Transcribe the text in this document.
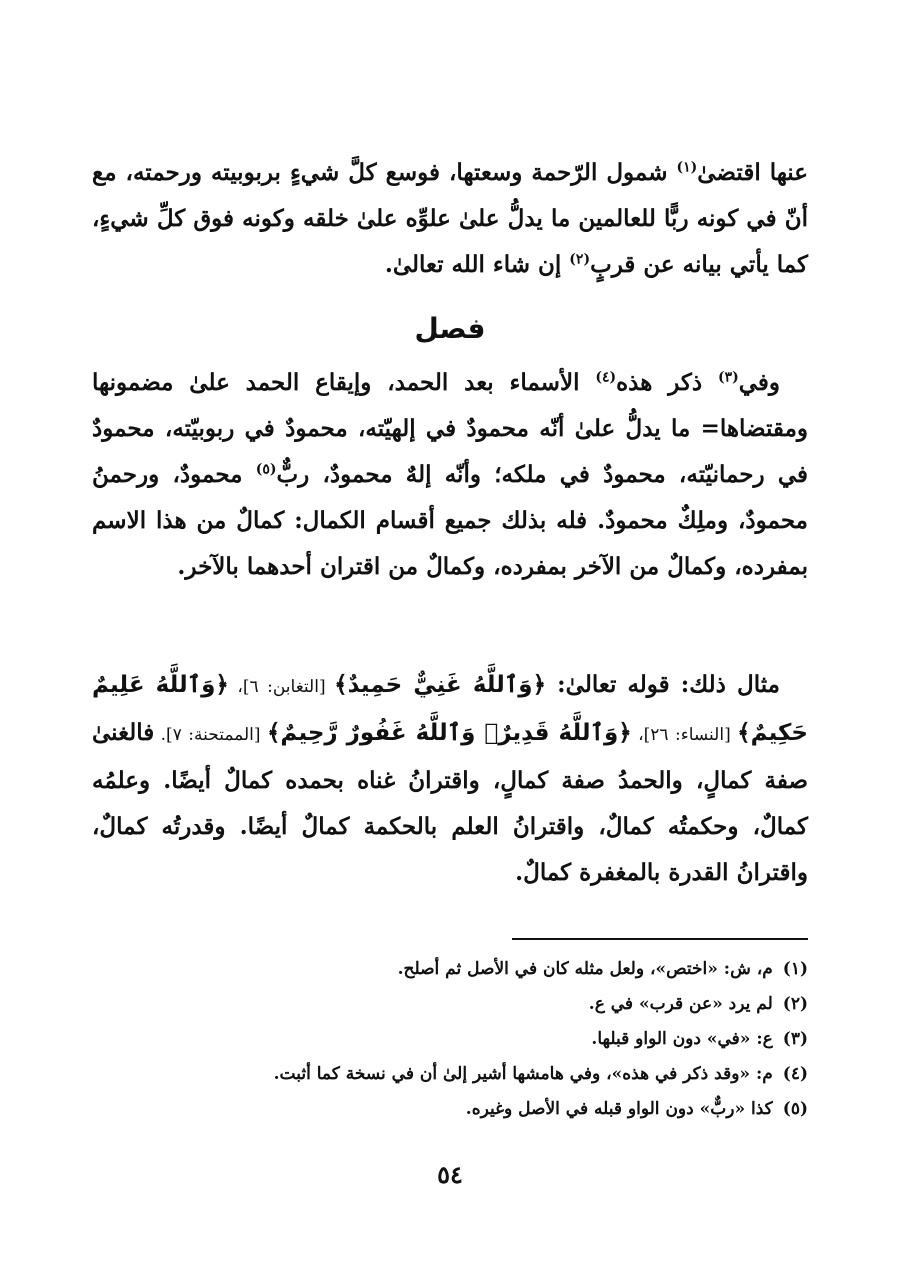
عنها اقتضىٰ$^{(١)}$ شمول الرّحمة وسعتها، فوسع كلَّ شيءٍ بربوبيته ورحمته، مع أنّ في كونه ربًّا للعالمين ما يدلُّ علىٰ علوِّه علىٰ خلقه وكونه فوق كلِّ شيءٍ، كما يأتي بيانه عن قربٍ$^{(٢)}$ إن شاء الله تعالىٰ.

فصل

وفي$^{(٣)}$ ذكر هذه$^{(٤)}$ الأسماء بعد الحمد، وإيقاع الحمد علىٰ مضمونها ومقتضاها= ما يدلُّ علىٰ أنّه محمودٌ في إلهيّته، محمودٌ في ربوبيّته، محمودٌ في رحمانيّته، محمودٌ في ملكه؛ وأنّه إلهٌ محمودٌ، ربٌّ$^{(٥)}$ محمودٌ، ورحمنُ محمودٌ، وملِكٌ محمودٌ. فله بذلك جميع أقسام الكمال: كمالٌ من هذا الاسم بمفرده، وكمالٌ من الآخر بمفرده، وكمالٌ من اقتران أحدهما بالآخر.

مثال ذلك: قوله تعالىٰ: ﴿وَٱللَّهُ غَنِيٌّ حَمِيدٌ﴾ [التغابن: ٦]، ﴿وَٱللَّهُ عَلِيمٌ حَكِيمٌ﴾ [النساء: ٢٦]، ﴿وَٱللَّهُ قَدِيرٌۚ وَٱللَّهُ غَفُورٌ رَّحِيمٌ﴾ [الممتحنة: ٧]. فالغنىٰ صفة كمالٍ، والحمدُ صفة كمالٍ، واقترانُ غناه بحمده كمالٌ أيضًا. وعلمُه كمالٌ، وحكمتُه كمالٌ، واقترانُ العلم بالحكمة كمالٌ أيضًا. وقدرتُه كمالٌ، واقترانُ القدرة بالمغفرة كمالٌ.

(١)م، ش: «اختص»، ولعل مثله كان في الأصل ثم أصلح.
(٢)لم يرد «عن قرب» في ع.
(٣)ع: «في» دون الواو قبلها.
(٤)م: «وقد ذكر في هذه»، وفي هامشها أشير إلىٰ أن في نسخة كما أثبت.
(٥)كذا «ربٌّ» دون الواو قبله في الأصل وغيره.
٥٤
